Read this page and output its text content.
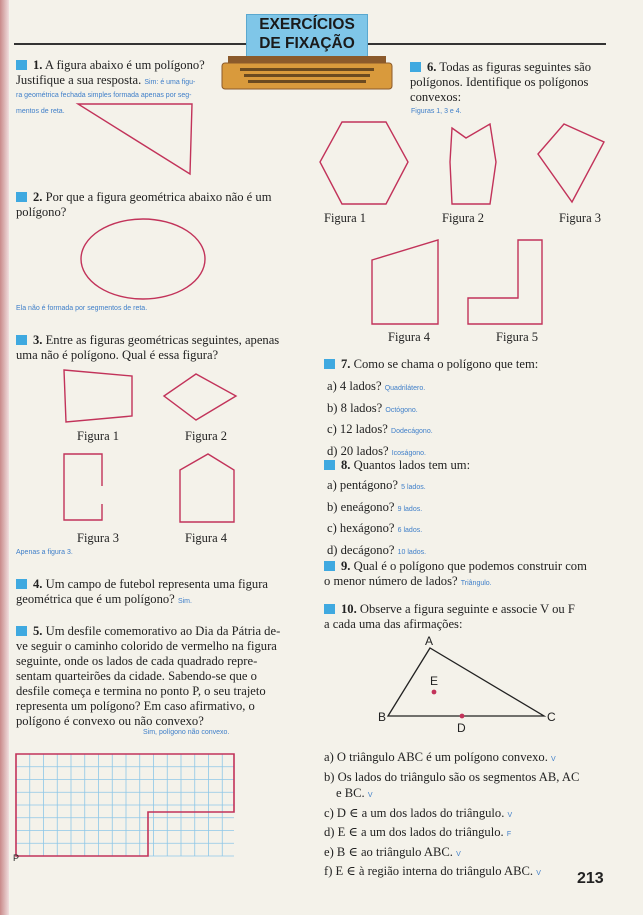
EXERCÍCIOS
DE FIXAÇÃO
1. A figura abaixo é um polígono?
Justifique a sua resposta. Sim: é uma figu-
ra geométrica fechada simples formada apenas por seg-
mentos de reta.
2. Por que a figura geométrica abaixo não é um
polígono?
Ela não é formada por segmentos de reta.
3. Entre as figuras geométricas seguintes, apenas
uma não é polígono. Qual é essa figura?
Figura 1	Figura 2
Figura 3	Figura 4
Apenas a figura 3.
4. Um campo de futebol representa uma figura
geométrica que é um polígono? Sim.
5. Um desfile comemorativo ao Dia da Pátria de-
ve seguir o caminho colorido de vermelho na figura
seguinte, onde os lados de cada quadrado repre-
sentam quarteirões da cidade. Sabendo-se que o
desfile começa e termina no ponto P, o seu trajeto
representa um polígono? Em caso afirmativo, o
polígono é convexo ou não convexo?
Sim, polígono não convexo.
P
6. Todas as figuras seguintes são
polígonos. Identifique os polígonos
convexos:
Figuras 1, 3 e 4.
Figura 1	Figura 2	Figura 3
Figura 4	Figura 5
7. Como se chama o polígono que tem:
a) 4 lados? Quadrilátero.
b) 8 lados? Octógono.
c) 12 lados? Dodecágono.
d) 20 lados? Icoságono.
8. Quantos lados tem um:
a) pentágono? 5 lados.
b) eneágono? 9 lados.
c) hexágono? 6 lados.
d) decágono? 10 lados.
9. Qual é o polígono que podemos construir com
o menor número de lados? Triângulo.
10. Observe a figura seguinte e associe V ou F
a cada uma das afirmações:
A
B	C
D
E
a) O triângulo ABC é um polígono convexo. V
b) Os lados do triângulo são os segmentos AB, AC
e BC. V
c) D ∈ a um dos lados do triângulo. V
d) E ∈ a um dos lados do triângulo. F
e) B ∈ ao triângulo ABC. V
f) E ∈ à região interna do triângulo ABC. V	213
